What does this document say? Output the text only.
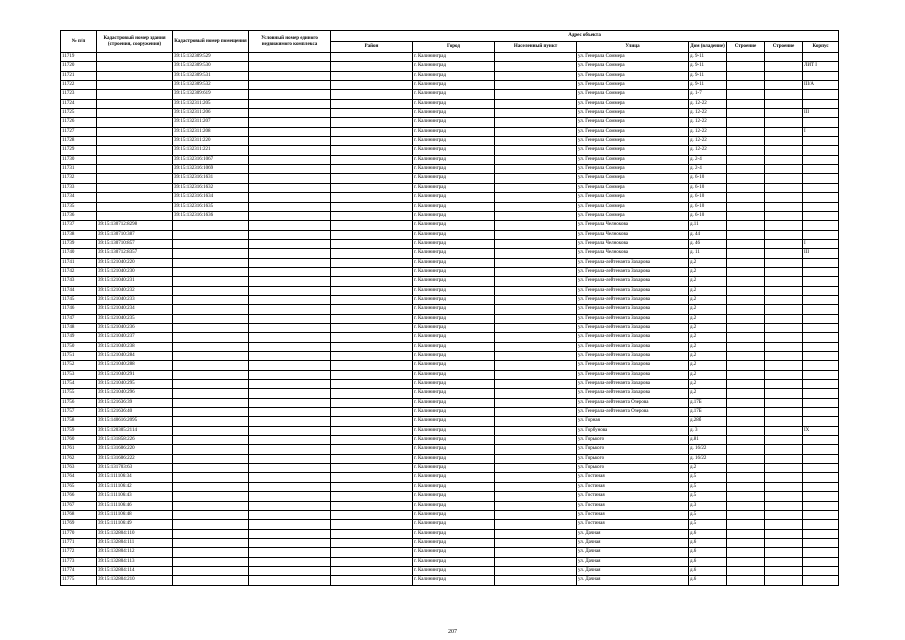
№ п/п	Кадастровый номер здания (строения, сооружения)	Кадастровый номер помещения	Условный номер единого недвижимого комплекса	Адрес объекта							
				Район	Город	Населенный пункт	Улица	Дом (владение)	Строение	Строение	Корпус
11719		39:15:132309:529			г. Калининград		ул. Генерала Соммера	д. 9-11			
11720		39:15:132309:530			г. Калининград		ул. Генерала Соммера	д. 9-11			ЛИТ I
11721		39:15:132309:531			г. Калининград		ул. Генерала Соммера	д. 9-11			
11722		39:15:132309:532			г. Калининград		ул. Генерала Соммера	д. 9-11			III/А
11723		39:15:132309:619			г. Калининград		ул. Генерала Соммера	д. 1-7			
11724		39:15:132311:205			г. Калининград		ул. Генерала Соммера	д. 12-22			
11725		39:15:132311:206			г. Калининград		ул. Генерала Соммера	д. 12-22			III
11726		39:15:132311:207			г. Калининград		ул. Генерала Соммера	д. 12-22			
11727		39:15:132311:208			г. Калининград		ул. Генерала Соммера	д. 12-22			I
11728		39:15:132311:220			г. Калининград		ул. Генерала Соммера	д. 12-22			
11729		39:15:132311:221			г. Калининград		ул. Генерала Соммера	д. 12-22			
11730		39:15:132316:1067			г. Калининград		ул. Генерала Соммера	д. 2-4			
11731		39:15:132316:1069			г. Калининград		ул. Генерала Соммера	д. 2-4			
11732		39:15:132316:1631			г. Калининград		ул. Генерала Соммера	д. 6-10			
11733		39:15:132316:1632			г. Калининград		ул. Генерала Соммера	д. 6-10			
11734		39:15:132316:1634			г. Калининград		ул. Генерала Соммера	д. 6-10			
11735		39:15:132316:1635			г. Калининград		ул. Генерала Соммера	д. 6-10			
11736		39:15:132316:1636			г. Калининград		ул. Генерала Соммера	д. 6-10			
11737	39:15:130712:8298				г. Калининград		ул. Генерала Челнокова	д.11			
11738	39:15:130710:387				г. Калининград		ул. Генерала Челнокова	д. 44			
11739	39:15:130710:857				г. Калининград		ул. Генерала Челнокова	д. 46			I
11740	39:15:130712:8357				г. Калининград		ул. Генерала Челнокова	д. 11			III
11741	39:15:121040:220				г. Калининград		ул. Генерала-лейтенанта Захарова	д.2			
11742	39:15:121040:230				г. Калининград		ул. Генерала-лейтенанта Захарова	д.2			
11743	39:15:121040:231				г. Калининград		ул. Генерала-лейтенанта Захарова	д.2			
11744	39:15:121040:232				г. Калининград		ул. Генерала-лейтенанта Захарова	д.2			
11745	39:15:121040:233				г. Калининград		ул. Генерала-лейтенанта Захарова	д.2			
11746	39:15:121040:234				г. Калининград		ул. Генерала-лейтенанта Захарова	д.2			
11747	39:15:121040:235				г. Калининград		ул. Генерала-лейтенанта Захарова	д.2			
11748	39:15:121040:236				г. Калининград		ул. Генерала-лейтенанта Захарова	д.2			
11749	39:15:121040:237				г. Калининград		ул. Генерала-лейтенанта Захарова	д.2			
11750	39:15:121040:238				г. Калининград		ул. Генерала-лейтенанта Захарова	д.2			
11751	39:15:121040:284				г. Калининград		ул. Генерала-лейтенанта Захарова	д.2			
11752	39:15:121040:288				г. Калининград		ул. Генерала-лейтенанта Захарова	д.2			
11753	39:15:121040:291				г. Калининград		ул. Генерала-лейтенанта Захарова	д.2			
11754	39:15:121040:295				г. Калининград		ул. Генерала-лейтенанта Захарова	д.2			
11755	39:15:121040:296				г. Калининград		ул. Генерала-лейтенанта Захарова	д.2			
11756	39:15:121636:39				г. Калининград		ул. Генерала-лейтенанта Озерова	д.17Б			
11757	39:15:121636:40				г. Калининград		ул. Генерала-лейтенанта Озерова	д.17Б			
11758	39:15:140616:2095				г. Калининград		ул. Горная	д.28б			
11759	39:15:120305:2114				г. Калининград		ул. Горбунова	д. 3			IX
11760	39:15:131858:226				г. Калининград		ул. Горького	д.81			
11761	39:15:131606:220				г. Калининград		ул. Горького	д. 16/22			
11762	39:15:131606:222				г. Калининград		ул. Горького	д. 16/22			
11763	39:15:131703:63				г. Калининград		ул. Горького	д.2			
11764	39:15:111106:34				г. Калининград		ул. Гостиная	д.5			
11765	39:15:111106:42				г. Калининград		ул. Гостиная	д.5			
11766	39:15:111106:43				г. Калининград		ул. Гостиная	д.5			
11767	39:15:111106:46				г. Калининград		ул. Гостиная	д.3			
11768	39:15:111106:48				г. Калининград		ул. Гостиная	д.5			
11769	39:15:111106:49				г. Калининград		ул. Гостиная	д.5			
11770	39:15:132804:110				г. Калининград		ул. Дачная	д.6			
11771	39:15:132804:111				г. Калининград		ул. Дачная	д.6			
11772	39:15:132804:112				г. Калининград		ул. Дачная	д.6			
11773	39:15:132804:113				г. Калининград		ул. Дачная	д.6			
11774	39:15:132804:114				г. Калининград		ул. Дачная	д.6			
11775	39:15:132804:210				г. Калининград		ул. Дачная	д.6			
207
